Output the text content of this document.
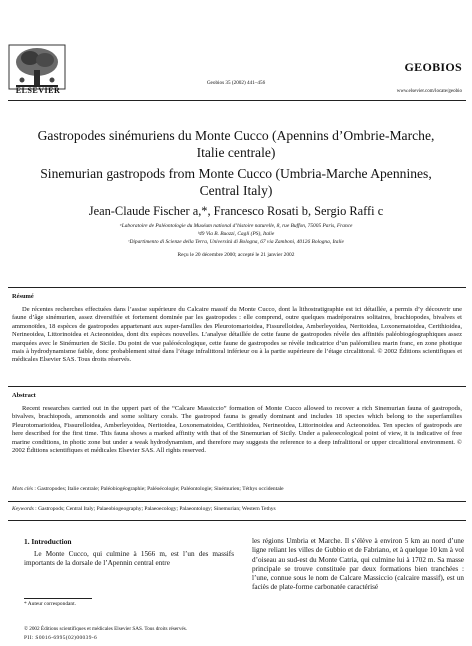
ELSEVIER
Geobios 35 (2002) 441–456
GEOBIOS
www.elsevier.com/locate/geobio
Gastropodes sinémuriens du Monte Cucco (Apennins d’Ombrie-Marche,
Italie centrale)
Sinemurian gastropods from Monte Cucco (Umbria-Marche Apennines,
Central Italy)
Jean-Claude Fischer a,*, Francesco Rosati b, Sergio Raffi c
ᵃLaboratoire de Paléontologie du Muséum national d’histoire naturelle, 8, rue Buffon, 75005 Paris, France
ᵇ49 Via B. Buozzi, Cagli (PS), Italie
ᶜDipartimento di Scienze della Terra, Università di Bologna, 67 via Zamboni, 40126 Bologna, Italie
Reçu le 20 décembre 2000; accepté le 21 janvier 2002
Résumé
De récentes recherches effectuées dans l’assise supérieure du Calcaire massif du Monte Cucco, dont la lithostratigraphie est ici détaillée, a permis d’y découvrir une faune d’âge sinémurien, assez diversifiée et fortement dominée par les gastropodes : elle comprend, outre quelques madréporaires solitaires, brachiopodes, bivalves et ammonoïdes, 18 espèces de gastropodes appartenant aux super-familles des Pleurotomarioidea, Fissurelloidea, Amberleyoidea, Neritoidea, Loxonematoidea, Cerithioidea, Nerineoidea, Littorinoidea et Acteonoidea, dont dix espèces nouvelles. L’analyse détaillée de cette faune de gastropodes révèle des affinités paléobiogéographiques assez marquées avec le Sinémurien de Sicile. Du point de vue paléoécologique, cette faune de gastropodes se révèle indicatrice d’un paléomilieu marin franc, en zone photique mais à hydrodynamisme faible, donc probablement situé dans l’étage infralittoral inférieur ou à la partie supérieure de l’étage circalittoral. © 2002 Éditions scientifiques et médicales Elsevier SAS. Tous droits réservés.
Abstract
Recent researches carried out in the uppert part of the “Calcare Massiccio” formation of Monte Cucco allowed to recover a rich Sinemurian fauna of gastropods, bivalves, brachiopods, ammonoids and some solitary corals. The gastropod fauna is greatly dominant and includes 18 species which belong to the superfamilies Pleurotomarioidea, Fissurelloidea, Amberleyoidea, Neritoidea, Loxonematoidea, Cerithioidea, Nerineoidea, Littorinoidea and Acteonoidea. Ten species of gastropods are here described for the first time. This fauna shows a marked affinity with that of the Sinemurian of Sicily. Under a paleoecological point of view, it is indicative of free marine conditions, in photic zone but under a weak hydrodynamism, and therefore may suggests the reference to a deep infralittoral or upper circalittoral environment. © 2002 Éditions scientifiques et médicales Elsevier SAS. All rights reserved.
Mots clés : Gastropodes; Italie centrale; Paléobiogéographie; Paléoécologie; Paléontologie; Sinémurien; Téthys occidentale
Keywords : Gastropods; Central Italy; Palaeobiogeography; Palaeoecology; Palaeontology; Sinemurian; Western Tethys
1. Introduction
Le Monte Cucco, qui culmine à 1566 m, est l’un des massifs importants de la dorsale de l’Apennin central entre
les régions Umbria et Marche. Il s’élève à environ 5 km au nord d’une ligne reliant les villes de Gubbio et de Fabriano, et à quelque 10 km à vol d’oiseau au sud-est du Monte Catria, qui culmine lui à 1702 m. Sa masse principale se trouve constituée par deux formations bien tranchées : l’une, connue sous le nom de Calcare Massiccio (calcaire massif), est un faciès de plate-forme carbonatée caractérisé
* Auteur correspondant.
© 2002 Éditions scientifiques et médicales Elsevier SAS. Tous droits réservés.
PII: S0016-6995(02)00039-6
